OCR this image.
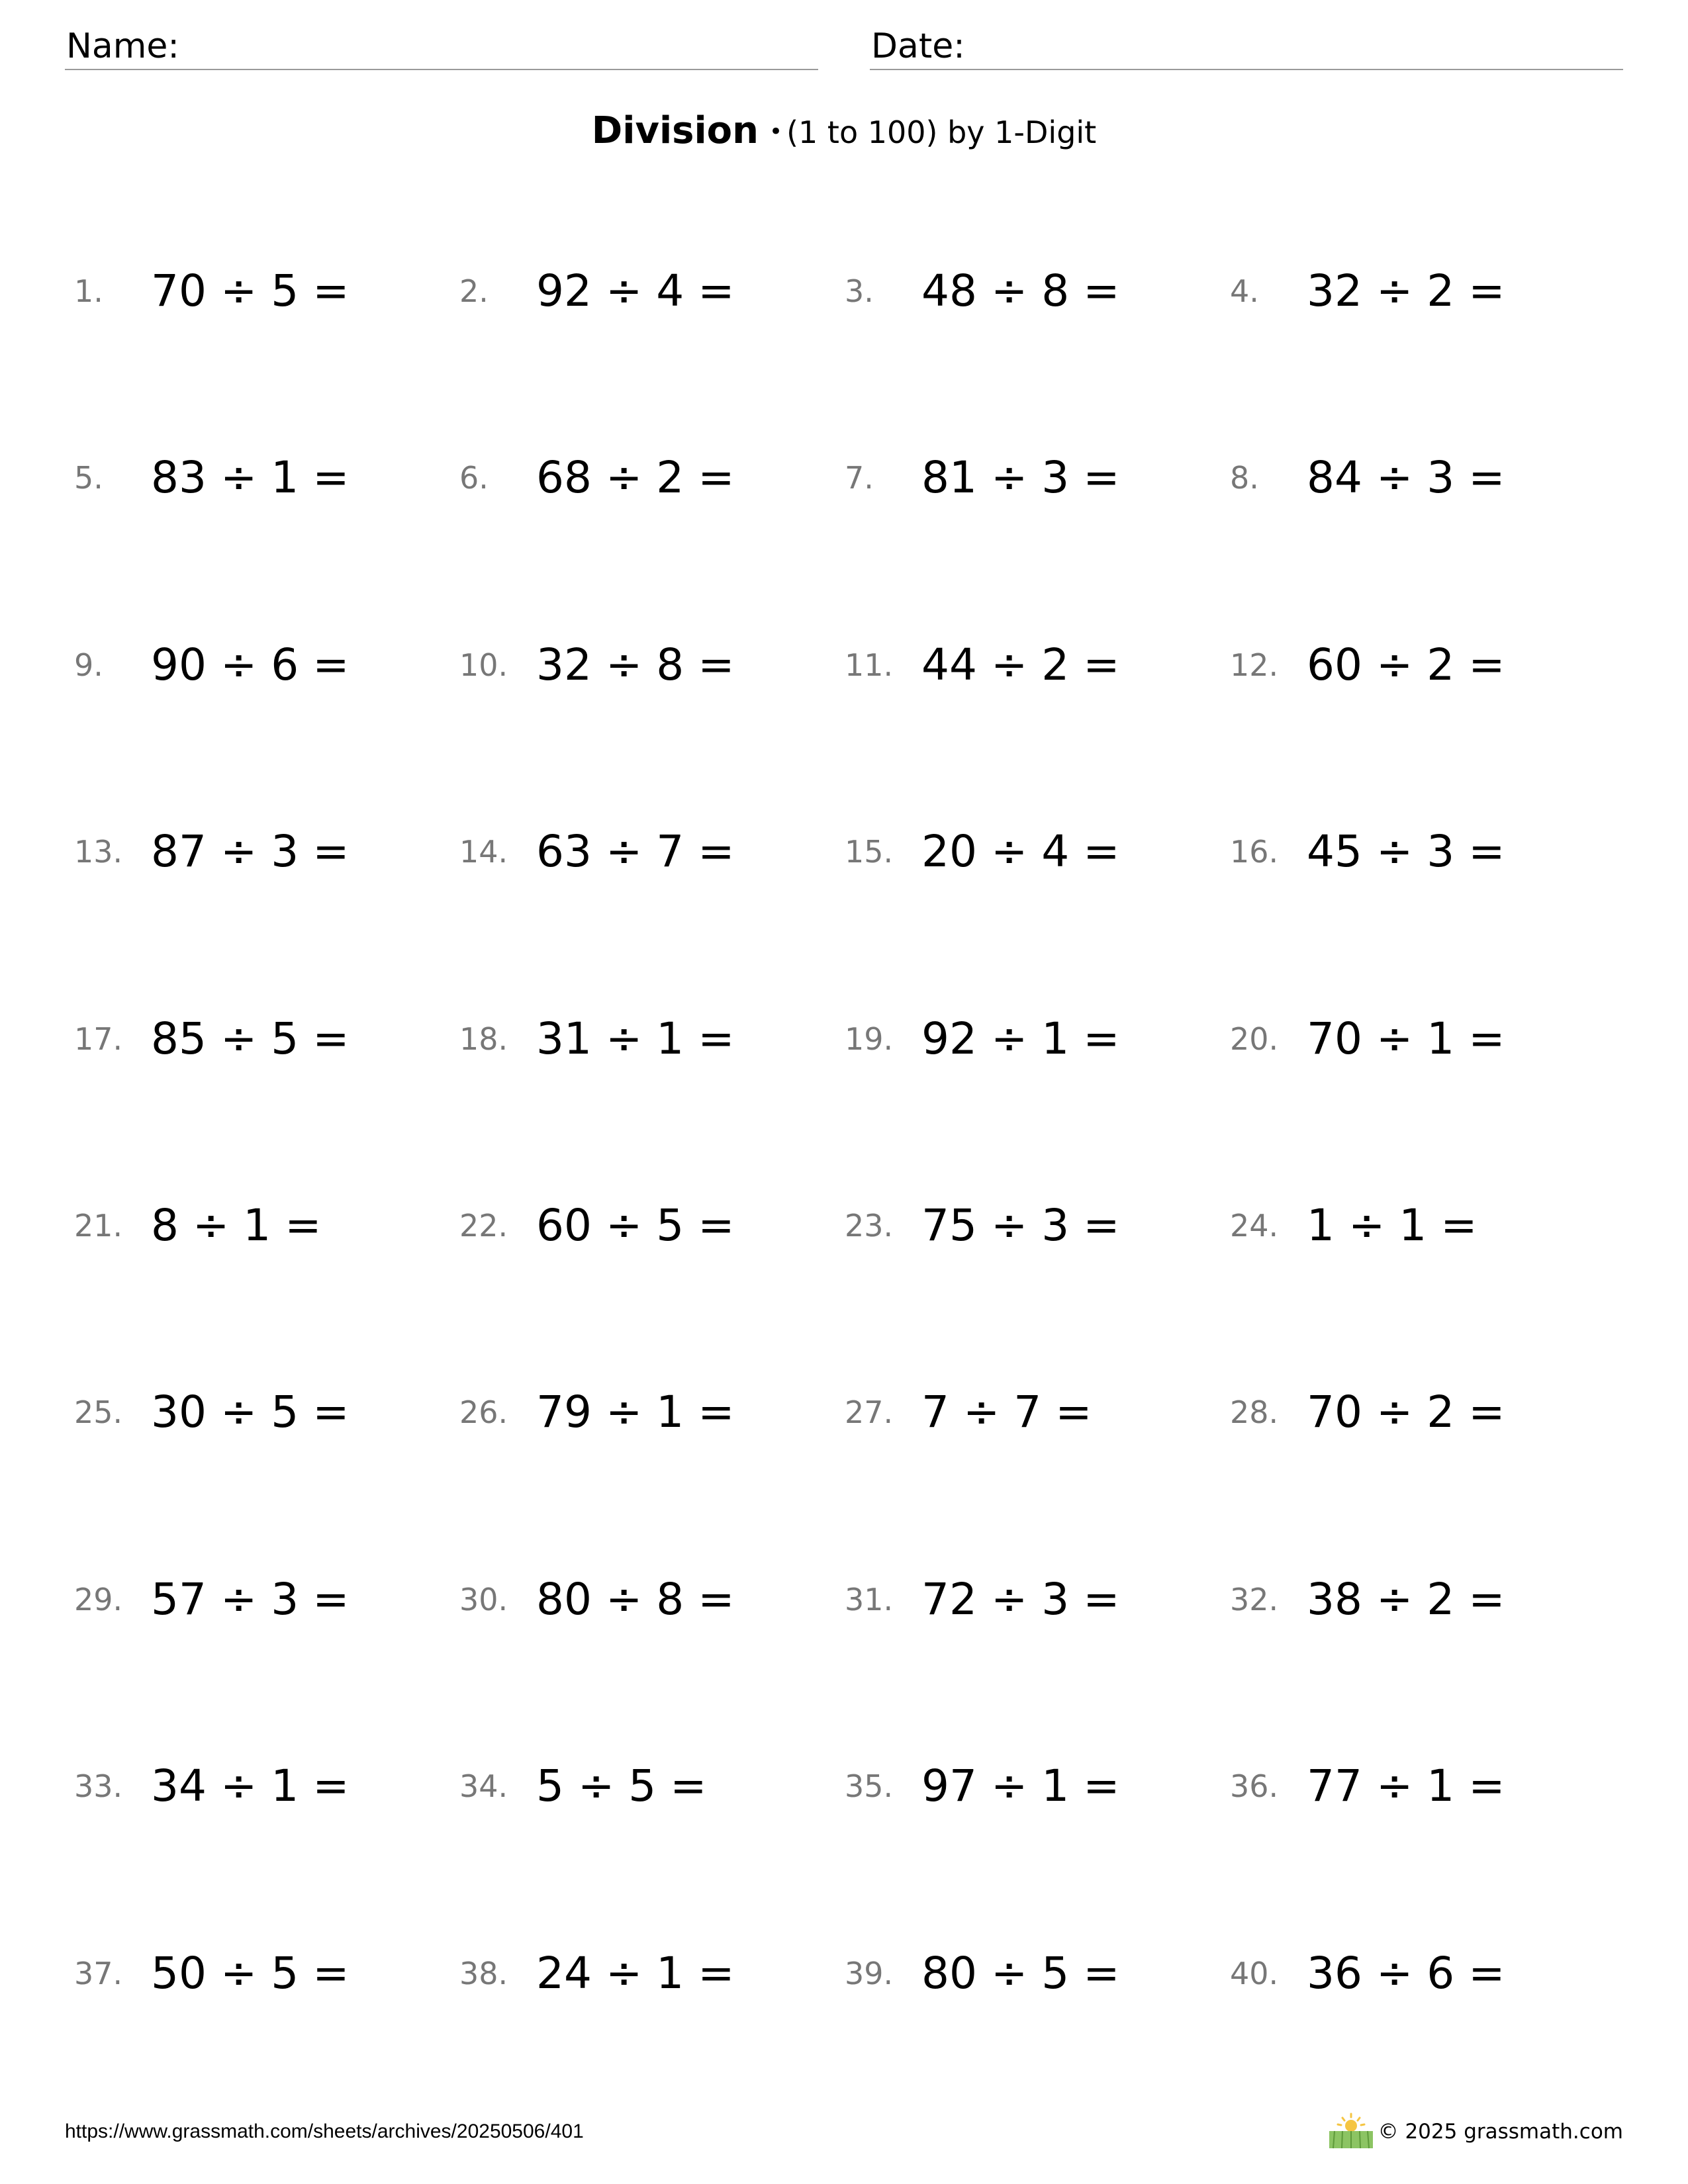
Name:	Date:
Division • (1 to 100) by 1-Digit
1.	70 ÷ 5 =	2.	92 ÷ 4 =	3.	48 ÷ 8 =	4.	32 ÷ 2 =
5.	83 ÷ 1 =	6.	68 ÷ 2 =	7.	81 ÷ 3 =	8.	84 ÷ 3 =
9.	90 ÷ 6 =	10. 32 ÷ 8 =	11. 44 ÷ 2 =	12. 60 ÷ 2 =
13. 87 ÷ 3 =	14. 63 ÷ 7 =	15. 20 ÷ 4 =	16. 45 ÷ 3 =
17. 85 ÷ 5 =	18. 31 ÷ 1 =	19. 92 ÷ 1 =	20. 70 ÷ 1 =
21. 8 ÷ 1 =	22. 60 ÷ 5 =	23. 75 ÷ 3 =	24. 1 ÷ 1 =
25. 30 ÷ 5 =	26. 79 ÷ 1 =	27. 7 ÷ 7 =	28. 70 ÷ 2 =
29. 57 ÷ 3 =	30. 80 ÷ 8 =	31. 72 ÷ 3 =	32. 38 ÷ 2 =
33. 34 ÷ 1 =	34. 5 ÷ 5 =	35. 97 ÷ 1 =	36. 77 ÷ 1 =
37. 50 ÷ 5 =	38. 24 ÷ 1 =	39. 80 ÷ 5 =	40. 36 ÷ 6 =
https://www.grassmath.com/sheets/archives/20250506/401	© 2025 grassmath.com
